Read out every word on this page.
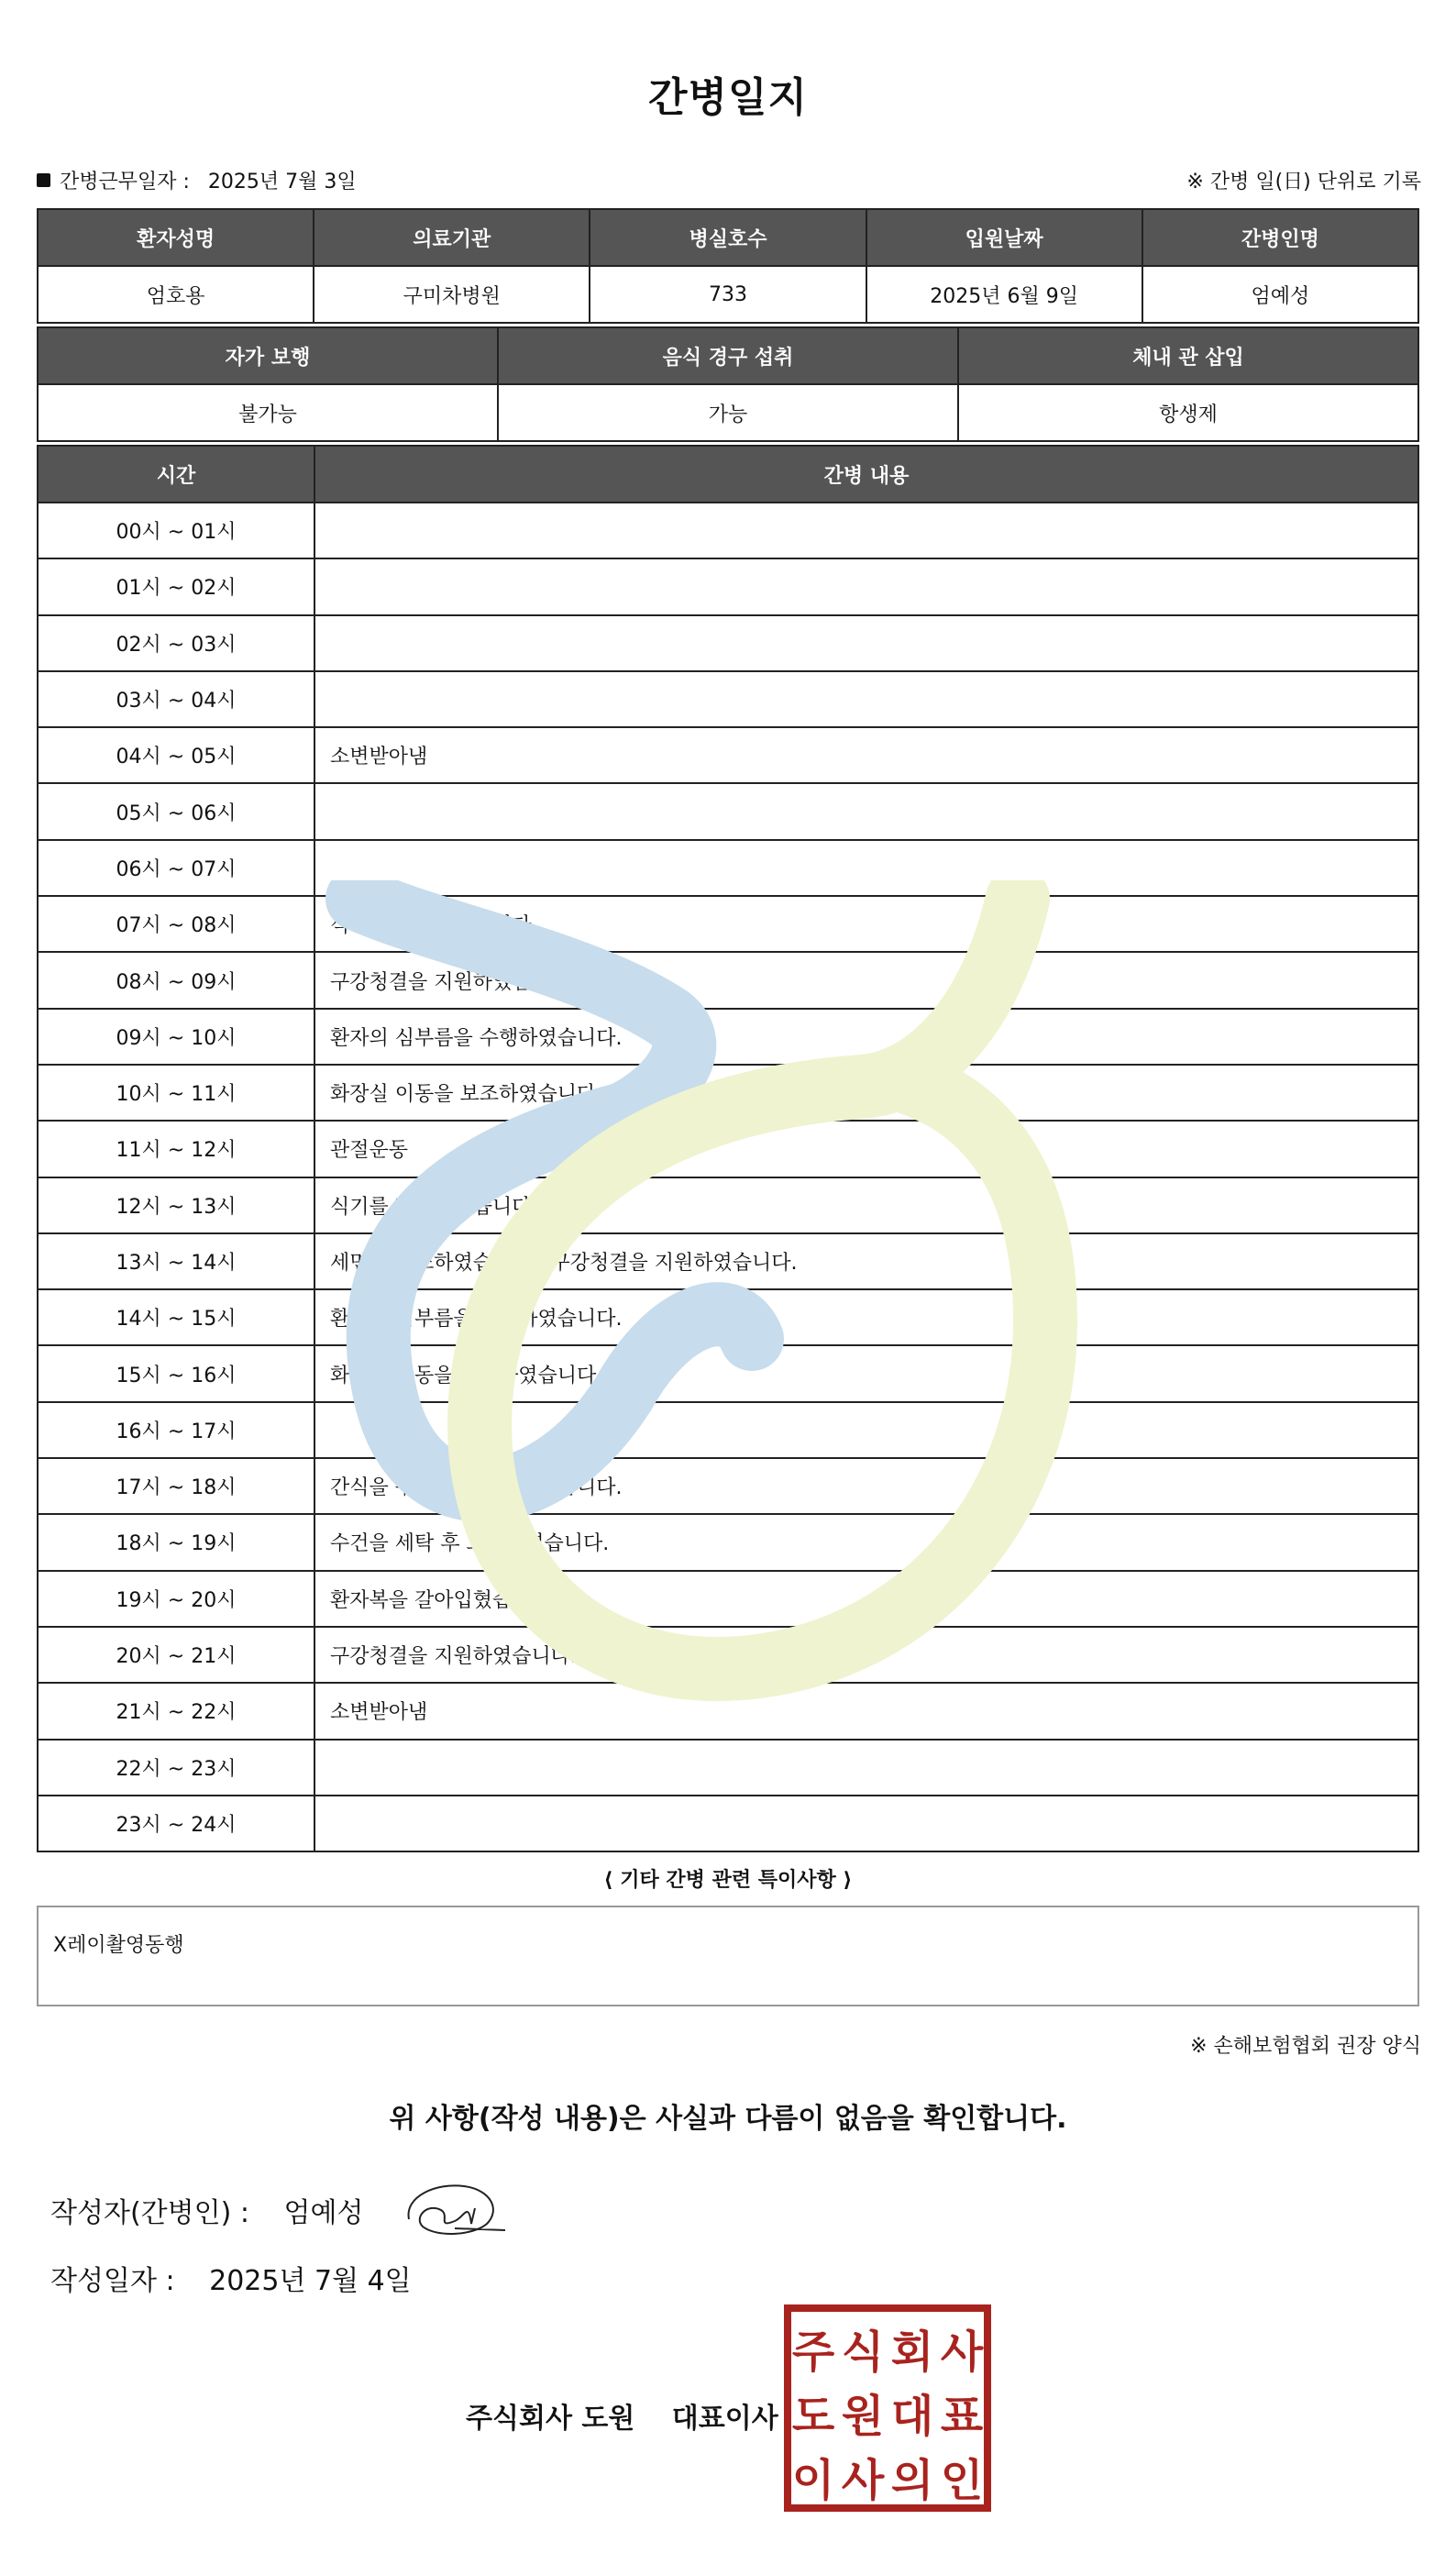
간병일지
간병근무일자 : 2025년 7월 3일	※ 간병 일(日) 단위로 기록
환자성명	의료기관	병실호수	입원날짜	간병인명
엄호용	구미차병원	733	2025년 6월 9일	엄예성
자가 보행	음식 경구 섭취	체내 관 삽입
불가능	가능	항생제
시간	간병 내용
00시 ~ 01시	
01시 ~ 02시	
02시 ~ 03시	
03시 ~ 04시	
04시 ~ 05시	소변받아냄
05시 ~ 06시	
06시 ~ 07시	
07시 ~ 08시	식기를 반납하였습니다.
08시 ~ 09시	구강청결을 지원하였습니다.
09시 ~ 10시	환자의 심부름을 수행하였습니다.
10시 ~ 11시	화장실 이동을 보조하였습니다.
11시 ~ 12시	관절운동
12시 ~ 13시	식기를 반납하였습니다.
13시 ~ 14시	세면을 보조하였습니다., 구강청결을 지원하였습니다.
14시 ~ 15시	환자의 심부름을 수행하였습니다.
15시 ~ 16시	화장실 이동을 보조하였습니다.
16시 ~ 17시	
17시 ~ 18시	간식을 구매하여 제공하였습니다.
18시 ~ 19시	수건을 세탁 후 교환하였습니다.
19시 ~ 20시	환자복을 갈아입혔습니다.
20시 ~ 21시	구강청결을 지원하였습니다.
21시 ~ 22시	소변받아냄
22시 ~ 23시	
23시 ~ 24시	
⟨ 기타 간병 관련 특이사항 ⟩
X레이촬영동행
※ 손해보험협회 권장 양식
위 사항(작성 내용)은 사실과 다름이 없음을 확인합니다.
작성자(간병인) : 엄예성
작성일자 : 2025년 7월 4일
주식회사 도원 대표이사
주 식 회 사
도 원 대 표
이 사 의 인
